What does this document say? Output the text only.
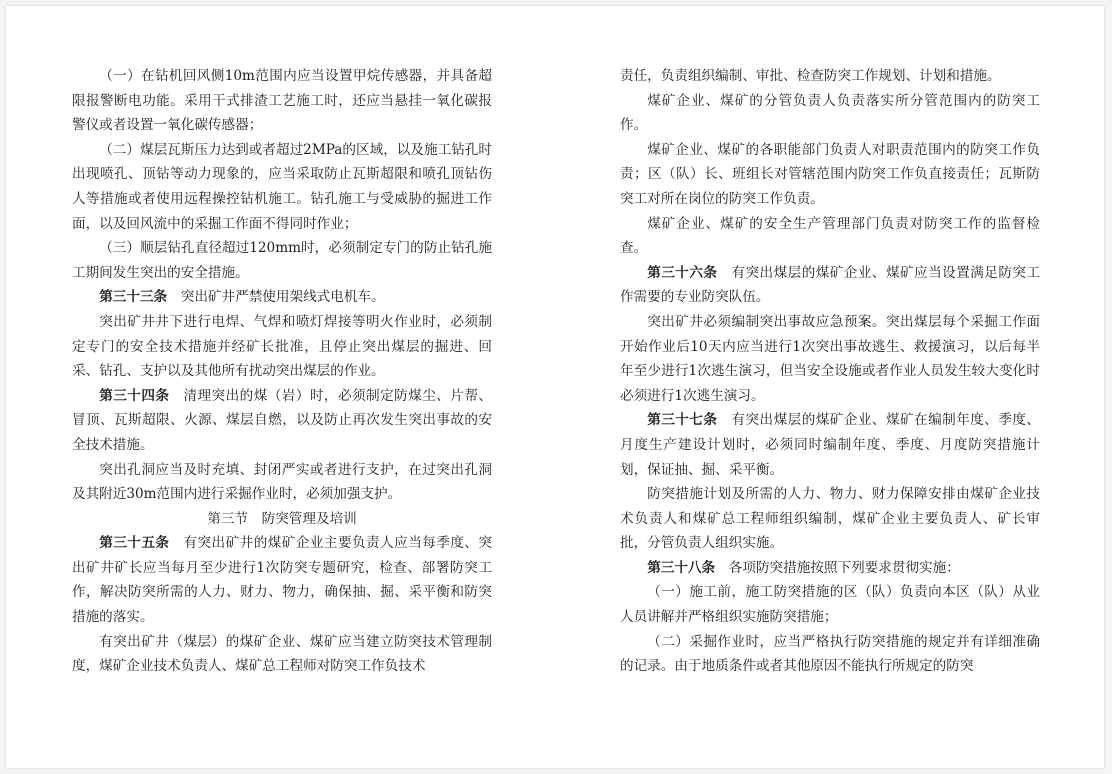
（一）在钻机回风侧10m范围内应当设置甲烷传感器，并具备超限报警断电功能。采用干式排渣工艺施工时，还应当悬挂一氧化碳报警仪或者设置一氧化碳传感器；

（二）煤层瓦斯压力达到或者超过2MPa的区域，以及施工钻孔时出现喷孔、顶钻等动力现象的，应当采取防止瓦斯超限和喷孔顶钻伤人等措施或者使用远程操控钻机施工。钻孔施工与受威胁的掘进工作面，以及回风流中的采掘工作面不得同时作业；

（三）顺层钻孔直径超过120mm时，必须制定专门的防止钻孔施工期间发生突出的安全措施。

第三十三条 突出矿井严禁使用架线式电机车。

突出矿井井下进行电焊、气焊和喷灯焊接等明火作业时，必须制定专门的安全技术措施并经矿长批准，且停止突出煤层的掘进、回采、钻孔、支护以及其他所有扰动突出煤层的作业。

第三十四条 清理突出的煤（岩）时，必须制定防煤尘、片帮、冒顶、瓦斯超限、火源、煤层自燃，以及防止再次发生突出事故的安全技术措施。

突出孔洞应当及时充填、封闭严实或者进行支护，在过突出孔洞及其附近30m范围内进行采掘作业时，必须加强支护。

第三节 防突管理及培训

第三十五条 有突出矿井的煤矿企业主要负责人应当每季度、突出矿井矿长应当每月至少进行1次防突专题研究，检查、部署防突工作，解决防突所需的人力、财力、物力，确保抽、掘、采平衡和防突措施的落实。

有突出矿井（煤层）的煤矿企业、煤矿应当建立防突技术管理制度，煤矿企业技术负责人、煤矿总工程师对防突工作负技术

责任，负责组织编制、审批、检查防突工作规划、计划和措施。

煤矿企业、煤矿的分管负责人负责落实所分管范围内的防突工作。

煤矿企业、煤矿的各职能部门负责人对职责范围内的防突工作负责；区（队）长、班组长对管辖范围内防突工作负直接责任；瓦斯防突工对所在岗位的防突工作负责。

煤矿企业、煤矿的安全生产管理部门负责对防突工作的监督检查。

第三十六条 有突出煤层的煤矿企业、煤矿应当设置满足防突工作需要的专业防突队伍。

突出矿井必须编制突出事故应急预案。突出煤层每个采掘工作面开始作业后10天内应当进行1次突出事故逃生、救援演习，以后每半年至少进行1次逃生演习，但当安全设施或者作业人员发生较大变化时必须进行1次逃生演习。

第三十七条 有突出煤层的煤矿企业、煤矿在编制年度、季度、月度生产建设计划时，必须同时编制年度、季度、月度防突措施计划，保证抽、掘、采平衡。

防突措施计划及所需的人力、物力、财力保障安排由煤矿企业技术负责人和煤矿总工程师组织编制，煤矿企业主要负责人、矿长审批，分管负责人组织实施。

第三十八条 各项防突措施按照下列要求贯彻实施：

（一）施工前，施工防突措施的区（队）负责向本区（队）从业人员讲解并严格组织实施防突措施；

（二）采掘作业时，应当严格执行防突措施的规定并有详细准确的记录。由于地质条件或者其他原因不能执行所规定的防突
